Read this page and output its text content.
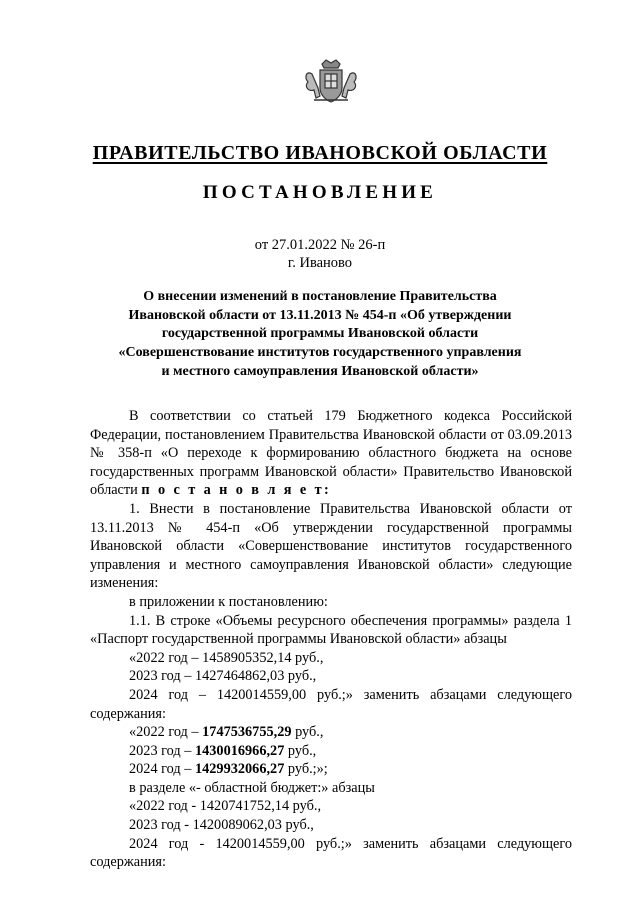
ПРАВИТЕЛЬСТВО ИВАНОВСКОЙ ОБЛАСТИ
ПОСТАНОВЛЕНИЕ
от 27.01.2022 № 26-п
г. Иваново
О внесении изменений в постановление Правительства
Ивановской области от 13.11.2013 № 454-п «Об утверждении
государственной программы Ивановской области
«Совершенствование институтов государственного управления
и местного самоуправления Ивановской области»

В соответствии со статьей 179 Бюджетного кодекса Российской Федерации, постановлением Правительства Ивановской области от 03.09.2013 № 358-п «О переходе к формированию областного бюджета на основе государственных программ Ивановской области» Правительство Ивановской области п о с т а н о в л я е т:

1. Внести в постановление Правительства Ивановской области от 13.11.2013 № 454-п «Об утверждении государственной программы Ивановской области «Совершенствование институтов государственного управления и местного самоуправления Ивановской области» следующие изменения:

в приложении к постановлению:

1.1. В строке «Объемы ресурсного обеспечения программы» раздела 1 «Паспорт государственной программы Ивановской области» абзацы

«2022 год – 1458905352,14 руб.,

2023 год – 1427464862,03 руб.,

2024 год – 1420014559,00 руб.;» заменить абзацами следующего содержания:

«2022 год – 1747536755,29 руб.,

2023 год – 1430016966,27 руб.,

2024 год – 1429932066,27 руб.;»;

в разделе «- областной бюджет:» абзацы

«2022 год - 1420741752,14 руб.,

2023 год - 1420089062,03 руб.,

2024 год - 1420014559,00 руб.;» заменить абзацами следующего содержания:
